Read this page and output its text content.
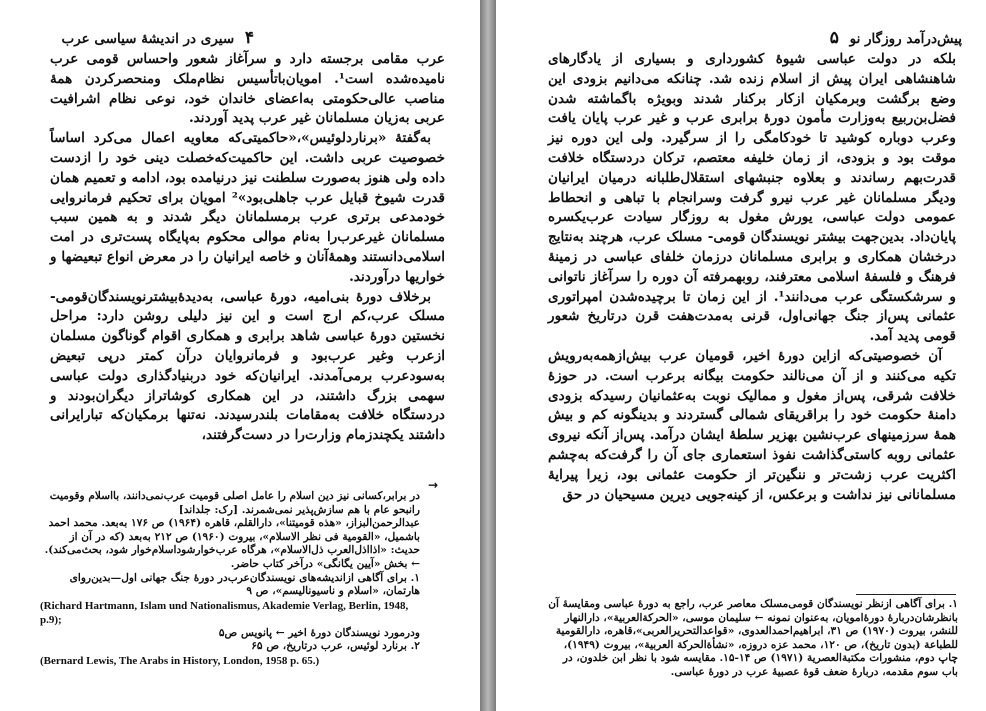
۴ سیری در اندیشهٔ سیاسی عرب

عرب مقامی برجسته دارد و سرآغاز شعور واحساس قومی عرب نامیده‌شده است¹. امویان‌باتأسیس نظام‌ملک ومنحصر‌کردن همهٔ مناصب عالی‌حکومتی به‌اعضای خاندان خود، نوعی نظام اشرافیت عربی به‌زیان مسلمانان غیر عرب پدید آوردند.

به‌گفتهٔ «برنارد‌لوئیس»،«حاکمیتی‌که معاویه اعمال می‌کرد اساساً خصوصیت عربی داشت. این حاکمیت‌که‌خصلت دینی خود را ازدست داده ولی هنوز به‌صورت سلطنت نیز درنیامده بود، ادامه و تعمیم همان قدرت شیوخ قبایل عرب جاهلی‌بود»² امویان برای تحکیم فرمانروایی خودمدعی برتری عرب برمسلمانان دیگر شدند و به همین سبب مسلمانان غیرعرب‌را به‌نام موالی محکوم به‌پایگاه پست‌تری در امت اسلامی‌دانستند وهمهٔ‌آنان و خاصه ایرانیان را در معرض انواع تبعیضها و خواریها درآوردند.

برخلاف دورهٔ بنی‌امیه، دورهٔ عباسی، به‌دیدهٔ‌بیشترنویسندگان‌قومی- مسلک عرب،کم ارج است و این نیز دلیلی روشن دارد: مراحل نخستین دورهٔ عباسی شاهد برابری و همکاری اقوام گوناگون مسلمان ازعرب وغیر عرب‌بود و فرمانروایان درآن کمتر درپی تبعیض به‌سودعرب برمی‌آمدند. ایرانیان‌که خود دربنیادگذاری دولت عباسی سهمی بزرگ داشتند، در این همکاری کوشاتراز دیگران‌بودند و دردستگاه خلافت به‌مقامات بلندرسیدند. نه‌تنها برمکیان‌که تبارایرانی داشتند یکچندزمام وزارت‌را در دست‌گرفتند،

→

در برابر،کسانی نیز دین اسلام را عامل اصلی قومیت عرب‌نمی‌دانند، بااسلام وقومیت را‌نبحو عام با هم سازش‌پذیر نمی‌شمرند. [رک: جلد‌اند]

عبدالرحمن‌البزاز، «هذه قومیتنا»، دارالقلم، قاهره (۱۹۶۴) ص ۱۷۶ به‌بعد. محمد احمد باشمیل، «القومیة فی نظر الاسلام»، بیروت (۱۹۶۰) ص ۲۱۲ به‌بعد (که در آن از حدیث: «اذااذل‌العرب ذل‌الاسلام»، هرگاه عرب‌خوارشود‌اسلام‌خوار شود، بحث‌می‌کند). ← بخش «آیین یگانگی» درآخر کتاب حاضر.

۱. برای آگاهی ازاندیشه‌های نویسندگان‌عرب‌در دورهٔ جنگ جهانی اول—بدین‌روای هارتمان، «اسلام و ناسیونالیسم»، ص ۹

(Richard Hartmann, Islam und Nationalismus, Akademie Verlag, Berlin, 1948, p.9);

ودرمورد نویسندگان دورهٔ اخیر ← پانویس ص۵

۲. برنارد لوئیس، عرب درتاریخ، ص ۶۵

(Bernard Lewis, The Arabs in History, London, 1958 p. 65.)

پیش‌درآمد روزگار نو ۵

بلکه در دولت عباسی شیوهٔ کشورداری و بسیاری از یادگارهای شاهنشاهی ایران پیش از اسلام زنده شد. چنانکه می‌دانیم بزودی این وضع برگشت وبرمکیان ازکار برکنار شدند وبویژه باگماشته شدن فضل‌بن‌ربیع به‌وزارت مأمون دورهٔ برابری عرب و غیر عرب پایان یافت وعرب دوباره کوشید تا خودکامگی را از سرگیرد. ولی این دوره نیز موقت بود و بزودی، از زمان خلیفه معتصم، ترکان دردستگاه خلافت قدرت‌بهم رساندند و بعلاوه جنبشهای استقلال‌طلبانه درمیان ایرانیان ودیگر مسلمانان غیر عرب نیرو گرفت وسرانجام با تباهی و انحطاط عمومی دولت عباسی، یورش مغول به روزگار سیادت عرب‌یکسره پایان‌داد. بدین‌جهت بیشتر نویسندگان قومی- مسلک عرب، هرچند به‌نتایج درخشان همکاری و برابری مسلمانان درزمان خلفای عباسی در زمینهٔ فرهنگ و فلسفهٔ اسلامی معترفند، روبهمرفته آن دوره را سرآغاز ناتوانی و سرشکستگی عرب می‌دانند¹. از این زمان تا برچیده‌شدن امپراتوری عثمانی پس‌از جنگ جهانی‌اول، قرنی به‌مدت‌هفت قرن درتاریخ شعور قومی پدید آمد.

آن خصوصیتی‌که ازاین دورهٔ اخیر، قومیان عرب بیش‌ازهمه‌به‌رویش تکیه می‌کنند و از آن می‌نالند حکومت بیگانه برعرب است. در حوزهٔ خلافت شرقی، پس‌از مغول و ممالیک نوبت به‌عثمانیان رسیدکه بزودی دامنهٔ حکومت خود را براقریقای شمالی گستردند و بدینگونه کم و بیش همهٔ سرزمینهای عرب‌نشین بهزیر سلطهٔ ایشان درآمد. پس‌از آنکه نیروی عثمانی روبه کاستی‌گذاشت نفوذ استعماری جای آن را گرفت‌که به‌چشم اکثریت عرب زشت‌تر و ننگین‌تر از حکومت عثمانی بود، زیرا پیرایهٔ مسلمانانی نیز نداشت و برعکس، از کینه‌جویی دیرین مسیحیان در حق

۱. برای آگاهی ازنظر نویسندگان قومی‌مسلک معاصر عرب، راجع به دورهٔ عباسی ومقایسهٔ آن بانظرشان‌دربارهٔ دورهٔ‌امویان، به‌عنوان نمونه ← سلیمان موسی، «الحرکة‌العربیة»، دارالنهار للنشر، بیروت (۱۹۷۰) ص ۳۱، ابراهیم‌احمدالعدوی، «قواعدالتحریرالعربی»،قاهره، دارالقومیة للطباعة (بدون تاریخ)، ص ۱۲۰، محمد عزه دروزه، «نشأةالحرکة العربیة»، بیروت (۱۹۴۹)، چاپ دوم، منشورات مکتبة‌العصریة (۱۹۷۱) ص ۱۴-۱۵. مقایسه شود با نظر ابن خلدون، در باب سوم مقدمه، دربارهٔ ضعف قوهٔ عصبیهٔ عرب در دورهٔ عباسی.
